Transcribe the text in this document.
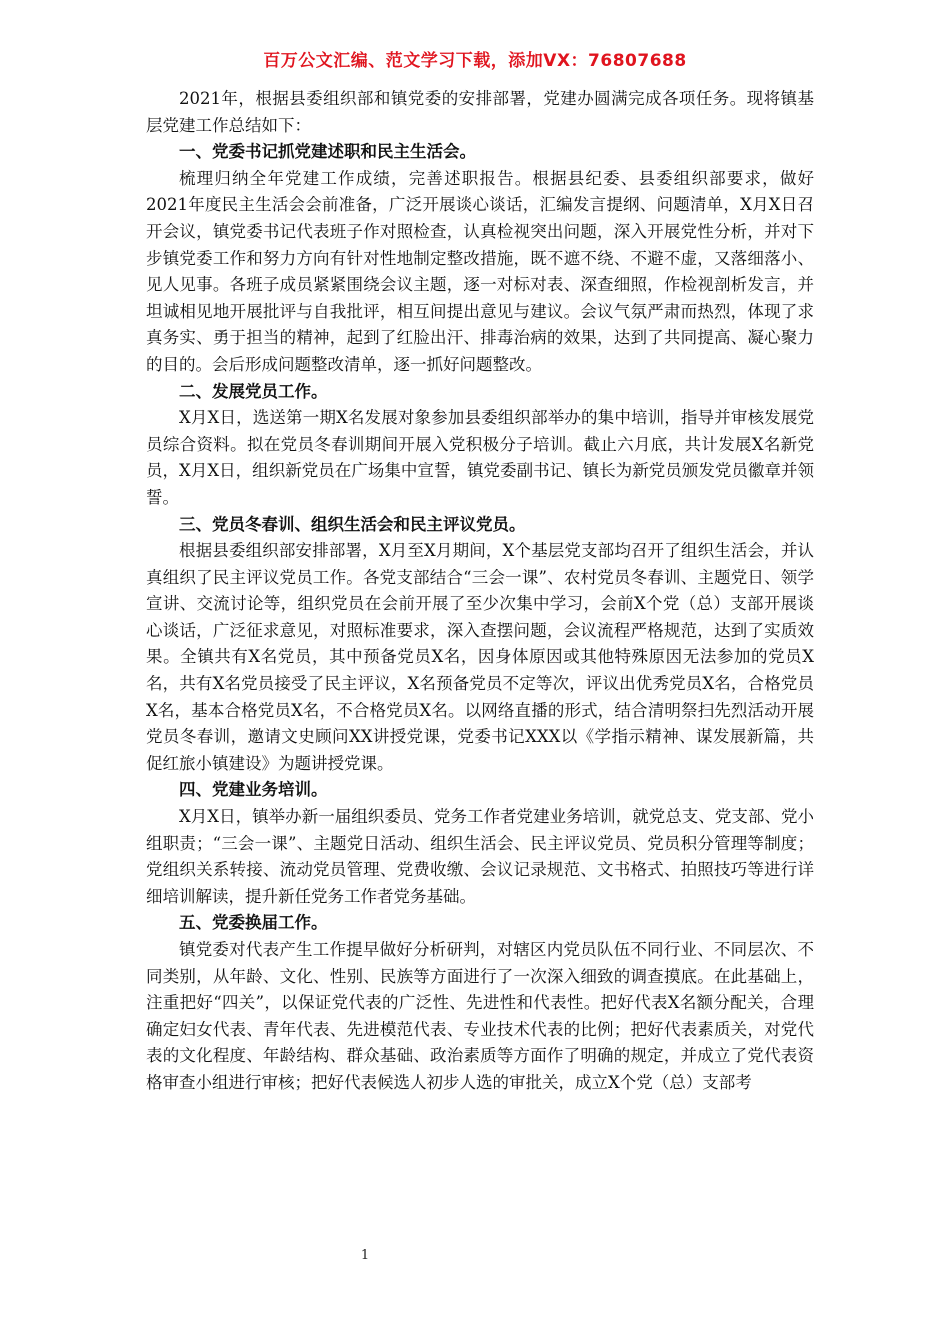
百万公文汇编、范文学习下载，添加VX：76807688

2021年，根据县委组织部和镇党委的安排部署，党建办圆满完成各项任务。现将镇基层党建工作总结如下：

一、党委书记抓党建述职和民主生活会。

梳理归纳全年党建工作成绩，完善述职报告。根据县纪委、县委组织部要求，做好2021年度民主生活会会前准备，广泛开展谈心谈话，汇编发言提纲、问题清单，X月X日召开会议，镇党委书记代表班子作对照检查，认真检视突出问题，深入开展党性分析，并对下步镇党委工作和努力方向有针对性地制定整改措施，既不遮不绕、不避不虚，又落细落小、见人见事。各班子成员紧紧围绕会议主题，逐一对标对表、深查细照，作检视剖析发言，并坦诚相见地开展批评与自我批评，相互间提出意见与建议。会议气氛严肃而热烈，体现了求真务实、勇于担当的精神，起到了红脸出汗、排毒治病的效果，达到了共同提高、凝心聚力的目的。会后形成问题整改清单，逐一抓好问题整改。

二、发展党员工作。

X月X日，选送第一期X名发展对象参加县委组织部举办的集中培训，指导并审核发展党员综合资料。拟在党员冬春训期间开展入党积极分子培训。截止六月底，共计发展X名新党员，X月X日，组织新党员在广场集中宣誓，镇党委副书记、镇长为新党员颁发党员徽章并领誓。

三、党员冬春训、组织生活会和民主评议党员。

根据县委组织部安排部署，X月至X月期间，X个基层党支部均召开了组织生活会，并认真组织了民主评议党员工作。各党支部结合“三会一课”、农村党员冬春训、主题党日、领学宣讲、交流讨论等，组织党员在会前开展了至少次集中学习，会前X个党（总）支部开展谈心谈话，广泛征求意见，对照标准要求，深入查摆问题，会议流程严格规范，达到了实质效果。全镇共有X名党员，其中预备党员X名，因身体原因或其他特殊原因无法参加的党员X名，共有X名党员接受了民主评议，X名预备党员不定等次，评议出优秀党员X名，合格党员X名，基本合格党员X名，不合格党员X名。以网络直播的形式，结合清明祭扫先烈活动开展党员冬春训，邀请文史顾问XX讲授党课，党委书记XXX以《学指示精神、谋发展新篇，共促红旅小镇建设》为题讲授党课。

四、党建业务培训。

X月X日，镇举办新一届组织委员、党务工作者党建业务培训，就党总支、党支部、党小组职责；“三会一课”、主题党日活动、组织生活会、民主评议党员、党员积分管理等制度；党组织关系转接、流动党员管理、党费收缴、会议记录规范、文书格式、拍照技巧等进行详细培训解读，提升新任党务工作者党务基础。

五、党委换届工作。

镇党委对代表产生工作提早做好分析研判，对辖区内党员队伍不同行业、不同层次、不同类别，从年龄、文化、性别、民族等方面进行了一次深入细致的调查摸底。在此基础上，注重把好“四关”，以保证党代表的广泛性、先进性和代表性。把好代表X名额分配关，合理确定妇女代表、青年代表、先进模范代表、专业技术代表的比例；把好代表素质关，对党代表的文化程度、年龄结构、群众基础、政治素质等方面作了明确的规定，并成立了党代表资格审查小组进行审核；把好代表候选人初步人选的审批关，成立X个党（总）支部考

1
